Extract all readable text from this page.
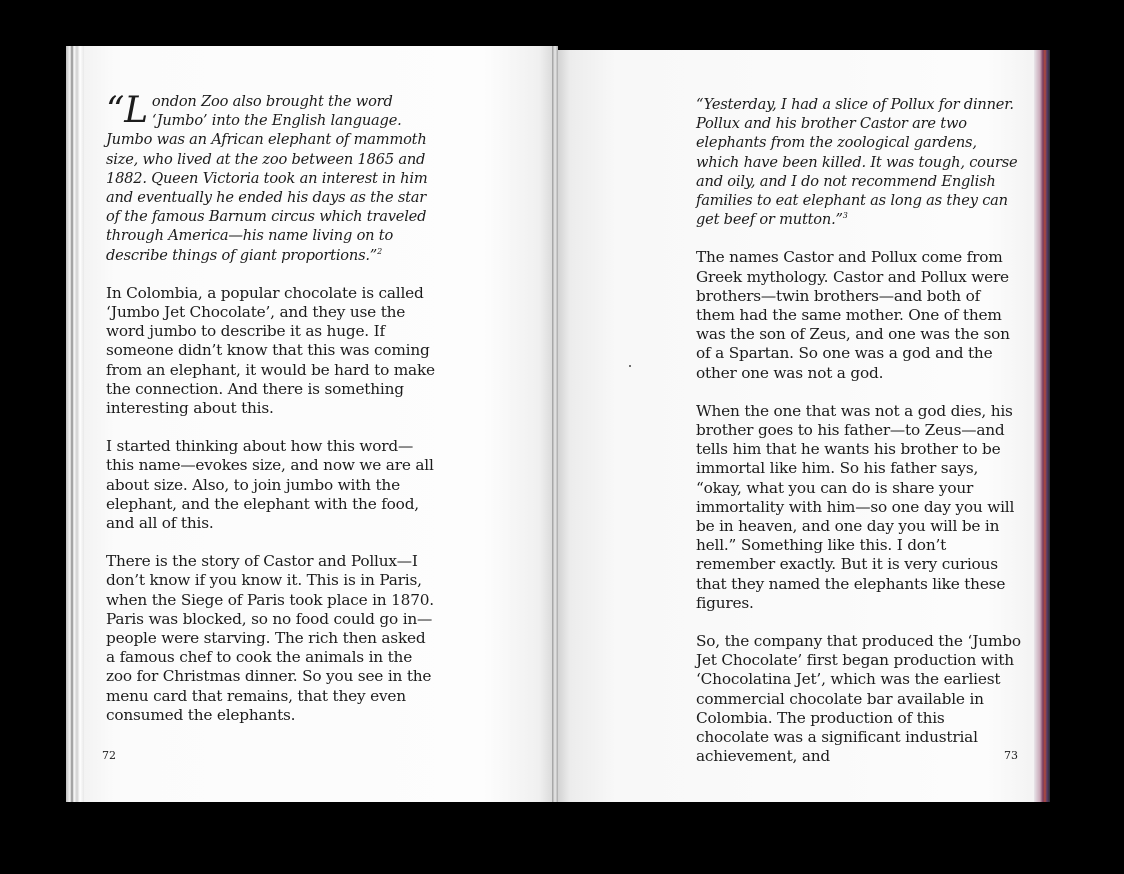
“London Zoo also brought the word ‘Jumbo’ into the English language. Jumbo was an African elephant of mammoth size, who lived at the zoo between 1865 and 1882. Queen Victoria took an interest in him and eventually he ended his days as the star of the famous Barnum circus which traveled through America—his name living on to describe things of giant proportions.”$^2$

In Colombia, a popular chocolate is called ‘Jumbo Jet Chocolate’, and they use the word jumbo to describe it as huge. If someone didn’t know that this was coming from an elephant, it would be hard to make the connection. And there is something interesting about this.

I started thinking about how this word—this name—evokes size, and now we are all about size. Also, to join jumbo with the elephant, and the elephant with the food, and all of this.

There is the story of Castor and Pollux—I don’t know if you know it. This is in Paris, when the Siege of Paris took place in 1870. Paris was blocked, so no food could go in—people were starving. The rich then asked a famous chef to cook the animals in the zoo for Christmas dinner. So you see in the menu card that remains, that they even consumed the elephants.

“Yesterday, I had a slice of Pollux for dinner. Pollux and his brother Castor are two elephants from the zoological gardens, which have been killed. It was tough, course and oily, and I do not recommend English families to eat elephant as long as they can get beef or mutton.”$^3$

The names Castor and Pollux come from Greek mythology. Castor and Pollux were brothers—twin brothers—and both of them had the same mother. One of them was the son of Zeus, and one was the son of a Spartan. So one was a god and the other one was not a god.

When the one that was not a god dies, his brother goes to his father—to Zeus—and tells him that he wants his brother to be immortal like him. So his father says, “okay, what you can do is share your immortality with him—so one day you will be in heaven, and one day you will be in hell.” Something like this. I don’t remember exactly. But it is very curious that they named the elephants like these figures.

So, the company that produced the ‘Jumbo Jet Chocolate’ first began production with ‘Chocolatina Jet’, which was the earliest commercial chocolate bar available in Colombia. The production of this chocolate was a significant industrial achievement, and

72	73
